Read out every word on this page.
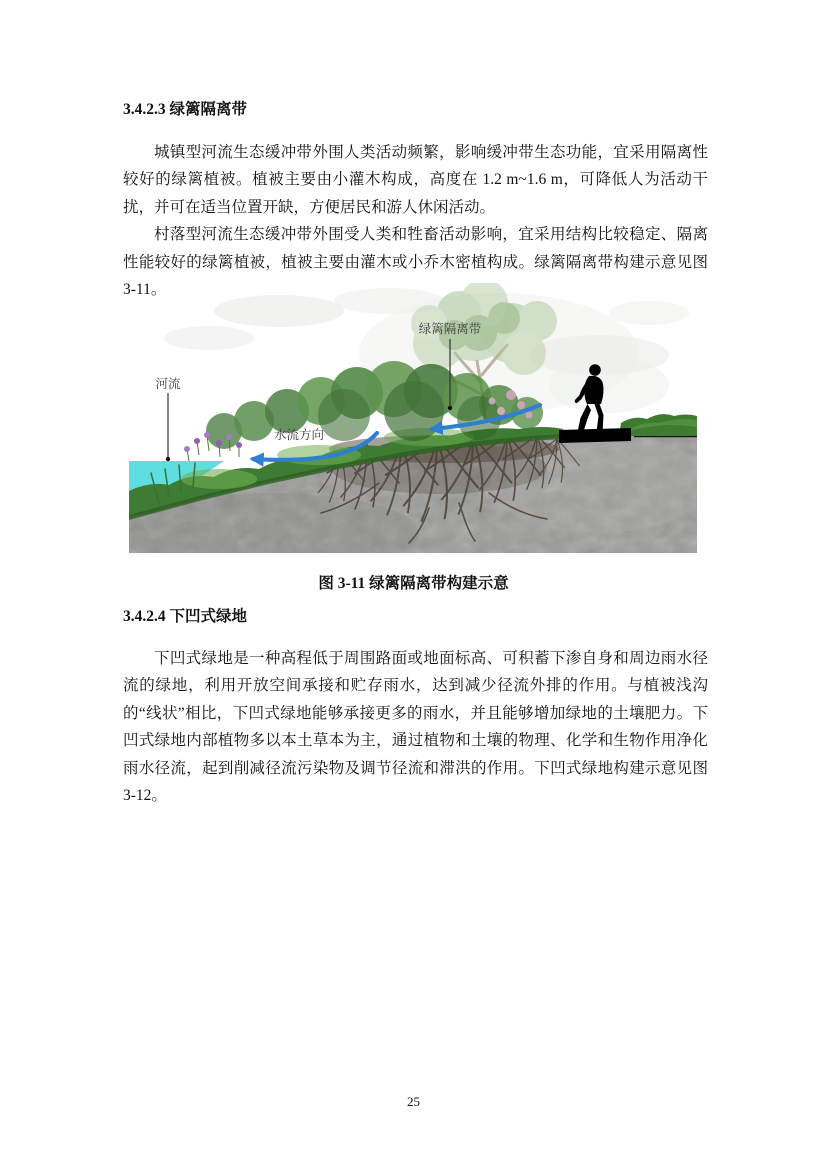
3.4.2.3 绿篱隔离带

城镇型河流生态缓冲带外围人类活动频繁，影响缓冲带生态功能，宜采用隔离性较好的绿篱植被。植被主要由小灌木构成，高度在 1.2 m~1.6 m，可降低人为活动干扰，并可在适当位置开缺，方便居民和游人休闲活动。

村落型河流生态缓冲带外围受人类和牲畜活动影响，宜采用结构比较稳定、隔离性能较好的绿篱植被，植被主要由灌木或小乔木密植构成。绿篱隔离带构建示意见图 3-11。

河流
绿篱隔离带
水流方向

图 3-11 绿篱隔离带构建示意

3.4.2.4 下凹式绿地

下凹式绿地是一种高程低于周围路面或地面标高、可积蓄下渗自身和周边雨水径流的绿地，利用开放空间承接和贮存雨水，达到减少径流外排的作用。与植被浅沟的“线状”相比，下凹式绿地能够承接更多的雨水，并且能够增加绿地的土壤肥力。下凹式绿地内部植物多以本土草本为主，通过植物和土壤的物理、化学和生物作用净化雨水径流，起到削减径流污染物及调节径流和滞洪的作用。下凹式绿地构建示意见图 3-12。

25
